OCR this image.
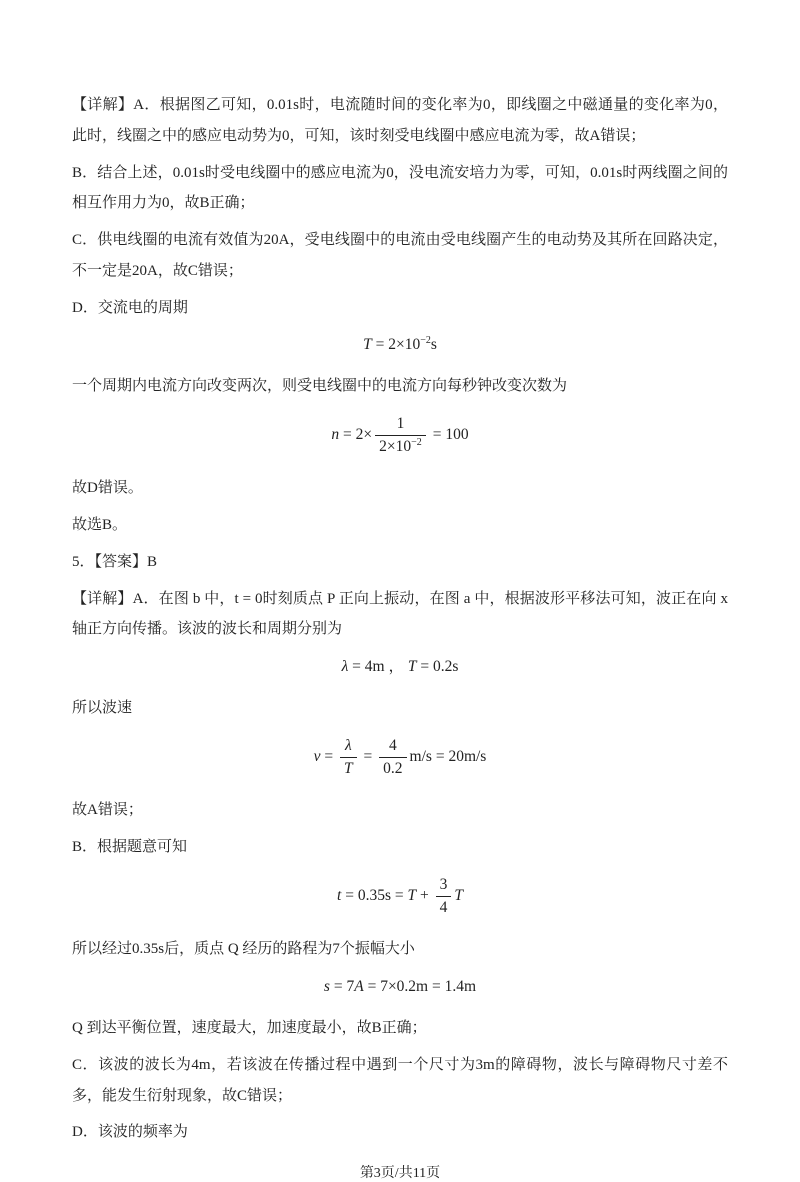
【详解】A．根据图乙可知，0.01s时，电流随时间的变化率为0，即线圈之中磁通量的变化率为0，此时，线圈之中的感应电动势为0，可知，该时刻受电线圈中感应电流为零，故A错误；

B．结合上述，0.01s时受电线圈中的感应电流为0，没电流安培力为零，可知，0.01s时两线圈之间的相互作用力为0，故B正确；

C．供电线圈的电流有效值为20A，受电线圈中的电流由受电线圈产生的电动势及其所在回路决定，不一定是20A，故C错误；

D．交流电的周期

$T = 2\times 10^{-2}s$

一个周期内电流方向改变两次，则受电线圈中的电流方向每秒钟改变次数为

$n = 2\times \frac{1}{2\times 10^{-2}} = 100$

故D错误。

故选B。

5．【答案】B

【详解】A．在图 b 中，t = 0时刻质点 P 正向上振动，在图 a 中，根据波形平移法可知，波正在向 x 轴正方向传播。该波的波长和周期分别为

λ = 4m ， T = 0.2s

所以波速

$v = \frac{\lambda}{T} = \frac{4}{0.2} m/s = 20m/s$

故A错误；

B．根据题意可知

$t = 0.35s = T + \frac{3}{4}$ T

所以经过0.35s后，质点 Q 经历的路程为7个振幅大小

s = 7A = 7×0.2m = 1.4m

Q 到达平衡位置，速度最大，加速度最小，故B正确；

C．该波的波长为4m，若该波在传播过程中遇到一个尺寸为3m的障碍物，波长与障碍物尺寸差不多，能发生衍射现象，故C错误；

D．该波的频率为

第3页/共11页
